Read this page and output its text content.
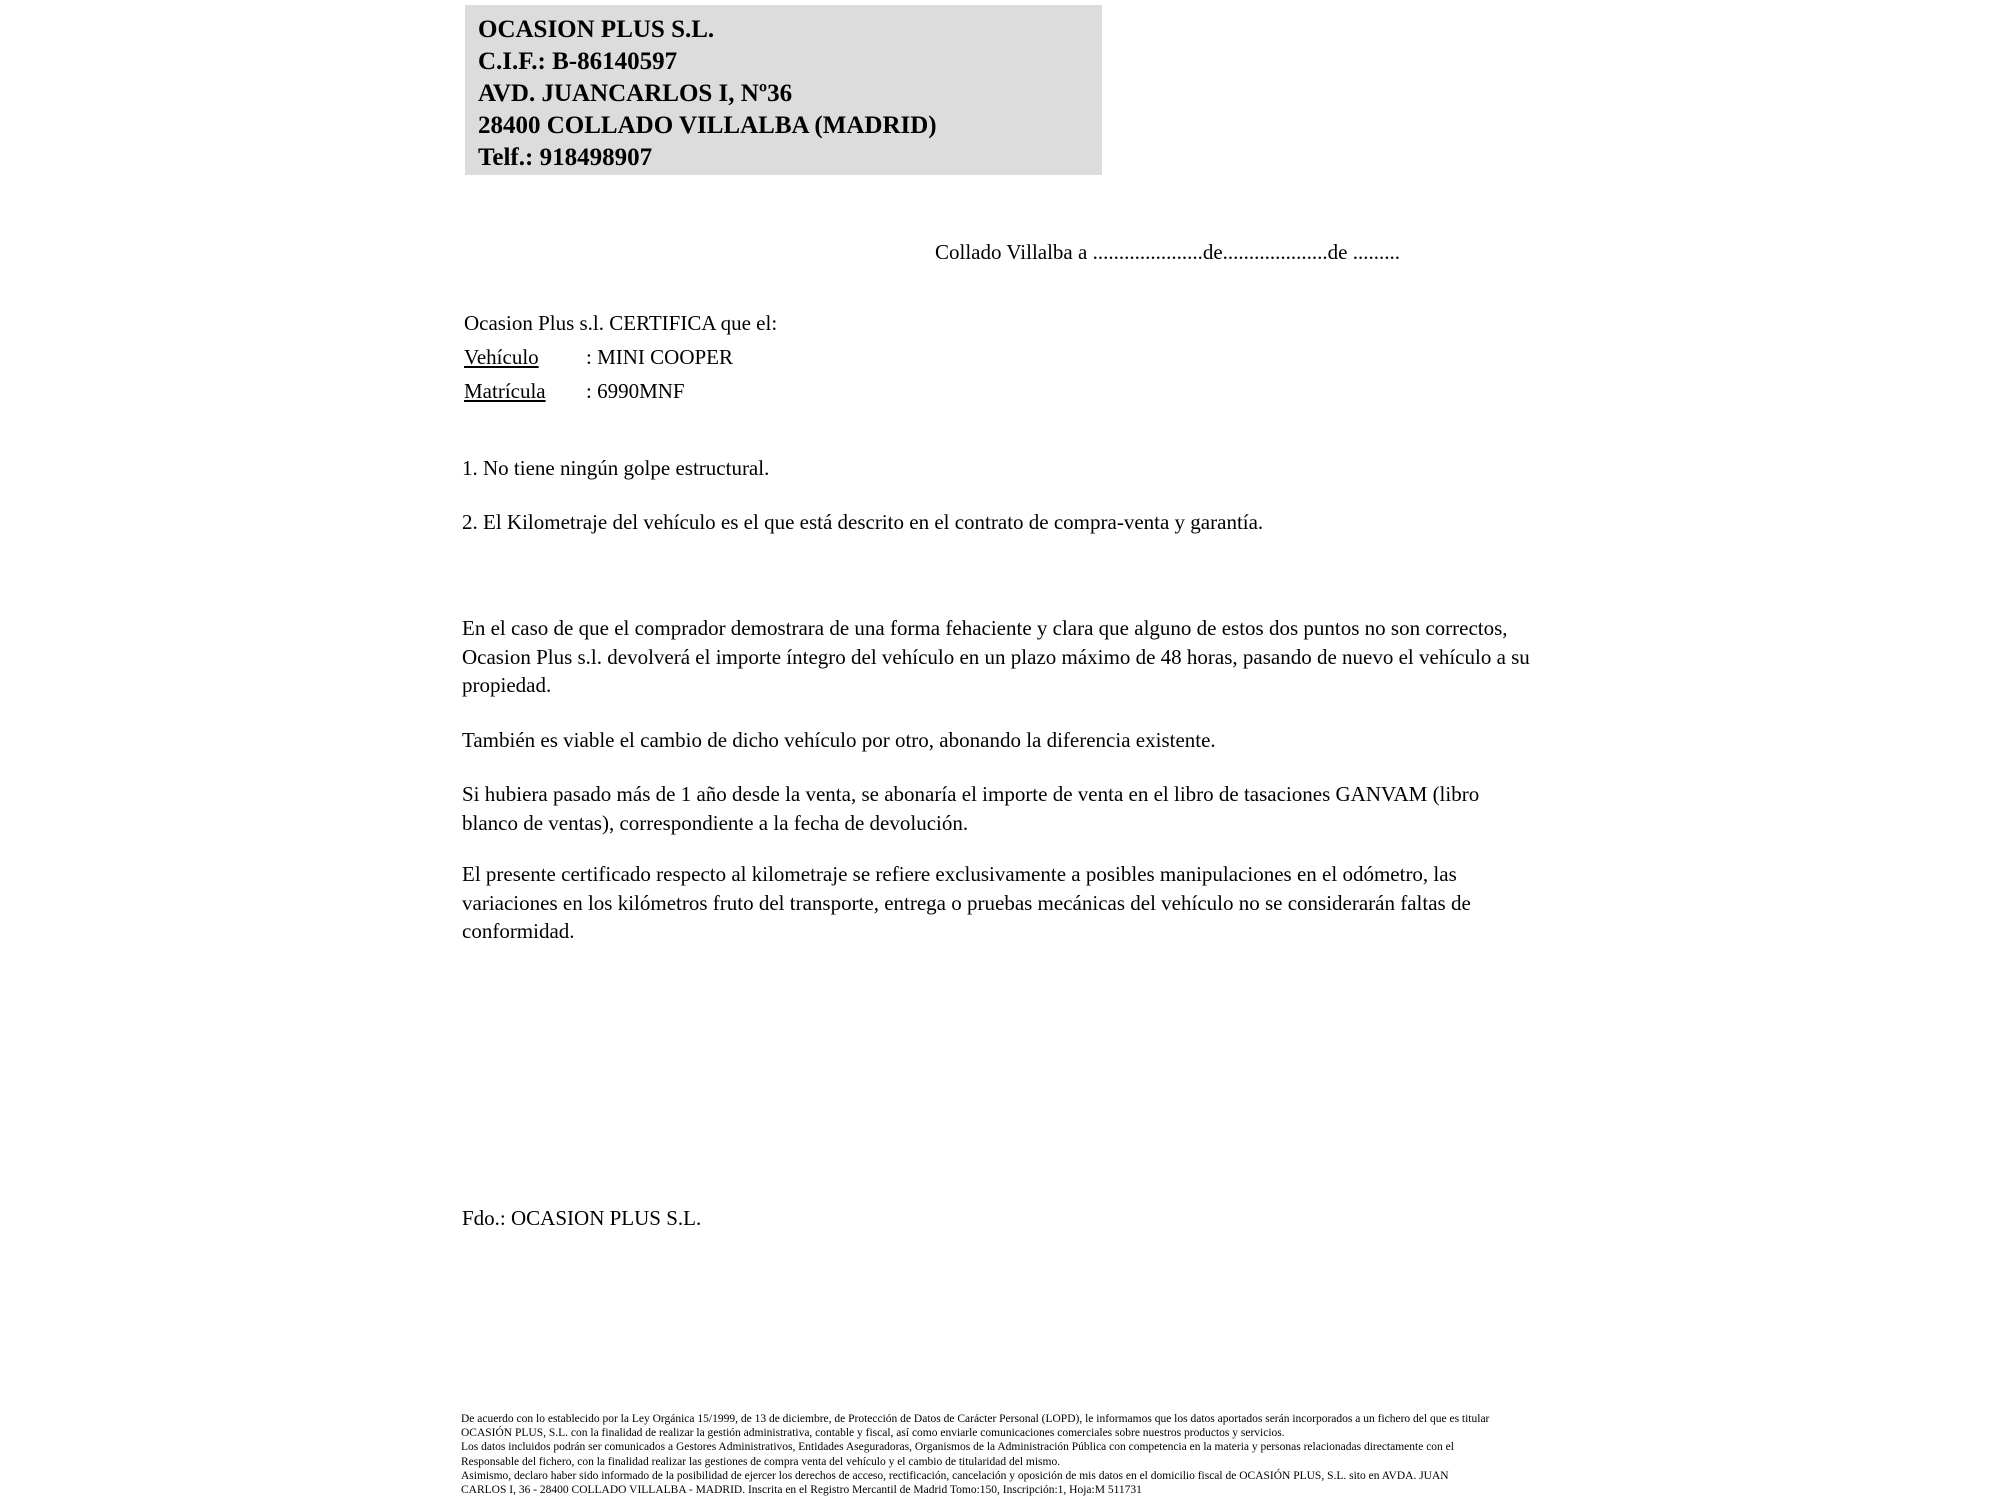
OCASION PLUS S.L.
C.I.F.: B-86140597
AVD. JUANCARLOS I, Nº36
28400 COLLADO VILLALBA (MADRID)
Telf.: 918498907
Collado Villalba a .....................de....................de .........
Ocasion Plus s.l. CERTIFICA que el:
Vehículo	: MINI COOPER
Matrícula	: 6990MNF
1. No tiene ningún golpe estructural.
2. El Kilometraje del vehículo es el que está descrito en el contrato de compra-venta y garantía.
En el caso de que el comprador demostrara de una forma fehaciente y clara que alguno de estos dos puntos no son correctos, Ocasion Plus s.l. devolverá el importe íntegro del vehículo en un plazo máximo de 48 horas, pasando de nuevo el vehículo a su propiedad.
También es viable el cambio de dicho vehículo por otro, abonando la diferencia existente.
Si hubiera pasado más de 1 año desde la venta, se abonaría el importe de venta en el libro de tasaciones GANVAM (libro blanco de ventas), correspondiente a la fecha de devolución.
El presente certificado respecto al kilometraje se refiere exclusivamente a posibles manipulaciones en el odómetro, las variaciones en los kilómetros fruto del transporte, entrega o pruebas mecánicas del vehículo no se considerarán faltas de conformidad.
Fdo.: OCASION PLUS S.L.
De acuerdo con lo establecido por la Ley Orgánica 15/1999, de 13 de diciembre, de Protección de Datos de Carácter Personal (LOPD), le informamos que los datos aportados serán incorporados a un fichero del que es titular
OCASIÓN PLUS, S.L. con la finalidad de realizar la gestión administrativa, contable y fiscal, así como enviarle comunicaciones comerciales sobre nuestros productos y servicios.
Los datos incluidos podrán ser comunicados a Gestores Administrativos, Entidades Aseguradoras, Organismos de la Administración Pública con competencia en la materia y personas relacionadas directamente con el
Responsable del fichero, con la finalidad realizar las gestiones de compra venta del vehículo y el cambio de titularidad del mismo.
Asimismo, declaro haber sido informado de la posibilidad de ejercer los derechos de acceso, rectificación, cancelación y oposición de mis datos en el domicilio fiscal de OCASIÓN PLUS, S.L. sito en AVDA. JUAN
CARLOS I, 36 - 28400 COLLADO VILLALBA - MADRID. Inscrita en el Registro Mercantil de Madrid Tomo:150, Inscripción:1, Hoja:M 511731
